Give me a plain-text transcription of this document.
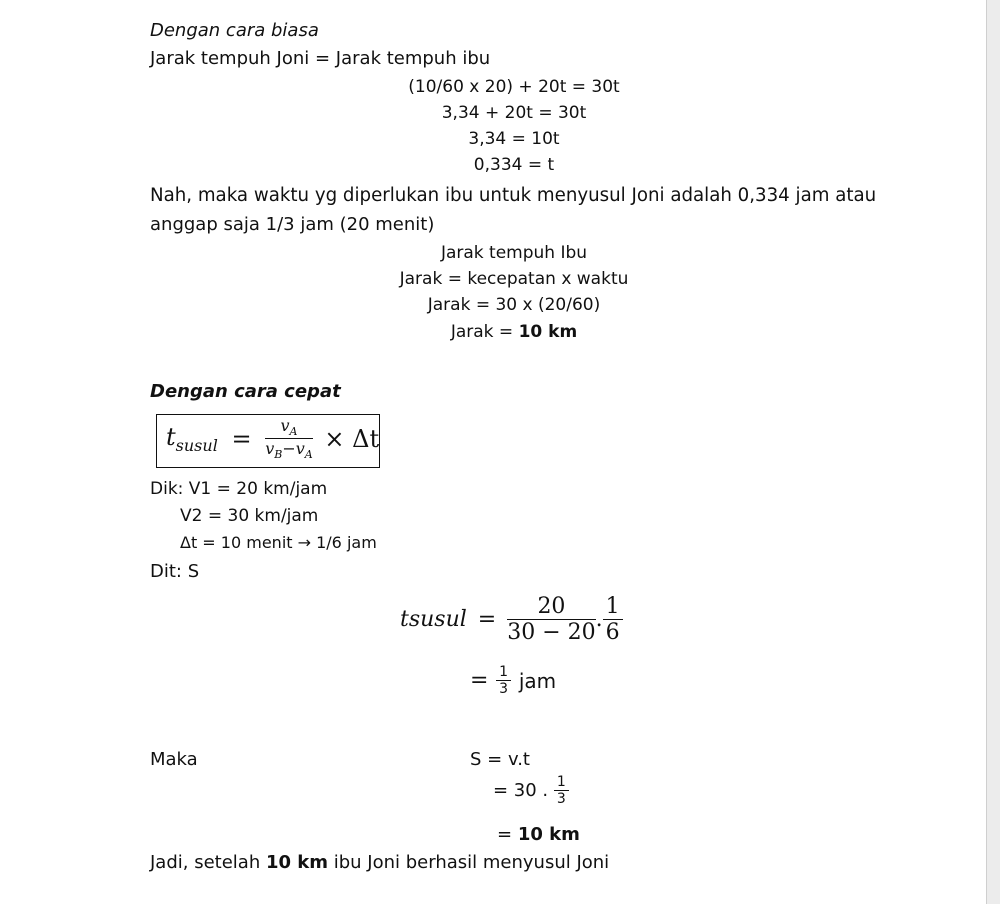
Dengan cara biasa
Jarak tempuh Joni = Jarak tempuh ibu
(10/60 x 20) + 20t = 30t
3,34 + 20t = 30t
3,34 = 10t
0,334 = t
Nah, maka waktu yg diperlukan ibu untuk menyusul Joni adalah 0,334 jam atau
anggap saja 1/3 jam (20 menit)
Jarak tempuh Ibu
Jarak = kecepatan x waktu
Jarak = 30 x (20/60)
Jarak = 10 km
Dengan cara cepat
$t_{susul} = \frac{v_A}{v_B-v_A} \times \Delta t$
Dik: V1 = 20 km/jam
V2 = 30 km/jam
Δt = 10 menit → 1/6 jam
Dit: S
tsusul = $\frac{20}{30 - 20}$ . $\frac{1}{6}$
= $\frac{1}{3}$ jam
Maka	S = v.t
= 30 . $\frac{1}{3}$
= 10 km
Jadi, setelah 10 km ibu Joni berhasil menyusul Joni
